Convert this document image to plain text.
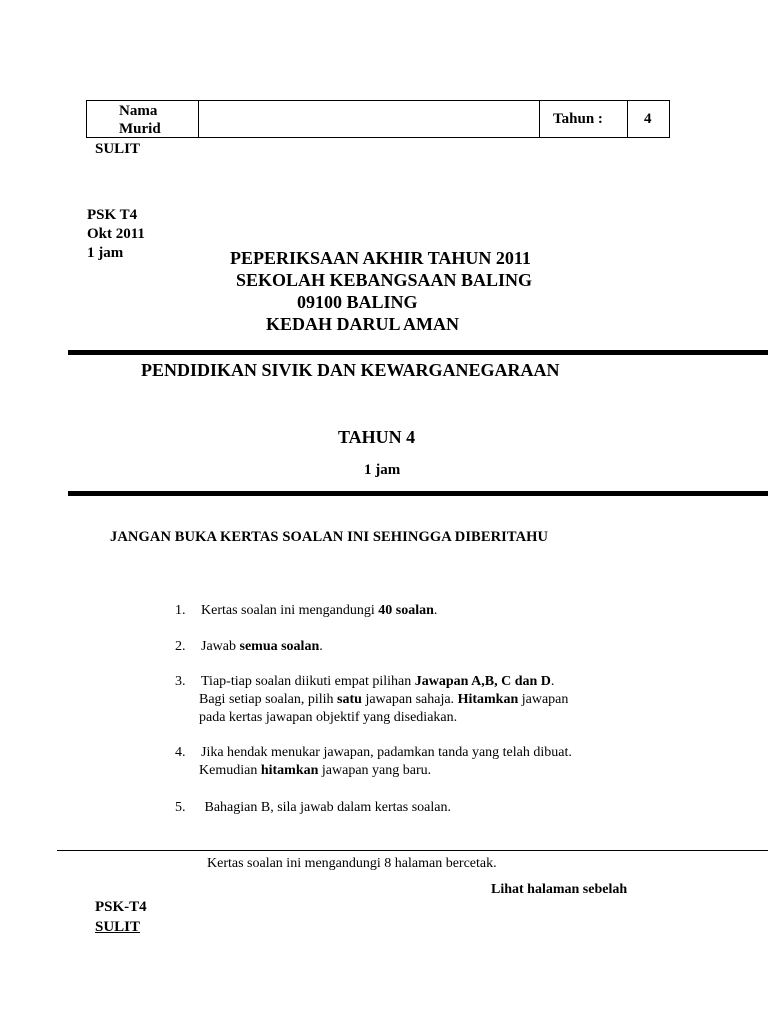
Nama
Murid
Tahun :	4
SULIT
PSK T4
Okt 2011
1 jam	PEPERIKSAAN AKHIR TAHUN 2011
SEKOLAH KEBANGSAAN BALING
09100 BALING
KEDAH DARUL AMAN
PENDIDIKAN SIVIK DAN KEWARGANEGARAAN
TAHUN 4
1 jam
JANGAN BUKA KERTAS SOALAN INI SEHINGGA DIBERITAHU
1. Kertas soalan ini mengandungi 40 soalan.
2. Jawab semua soalan.
3. Tiap-tiap soalan diikuti empat pilihan Jawapan A,B, C dan D.
Bagi setiap soalan, pilih satu jawapan sahaja. Hitamkan jawapan
pada kertas jawapan objektif yang disediakan.
4. Jika hendak menukar jawapan, padamkan tanda yang telah dibuat.
Kemudian hitamkan jawapan yang baru.
5. Bahagian B, sila jawab dalam kertas soalan.
Kertas soalan ini mengandungi 8 halaman bercetak.
Lihat halaman sebelah
PSK-T4
SULIT
